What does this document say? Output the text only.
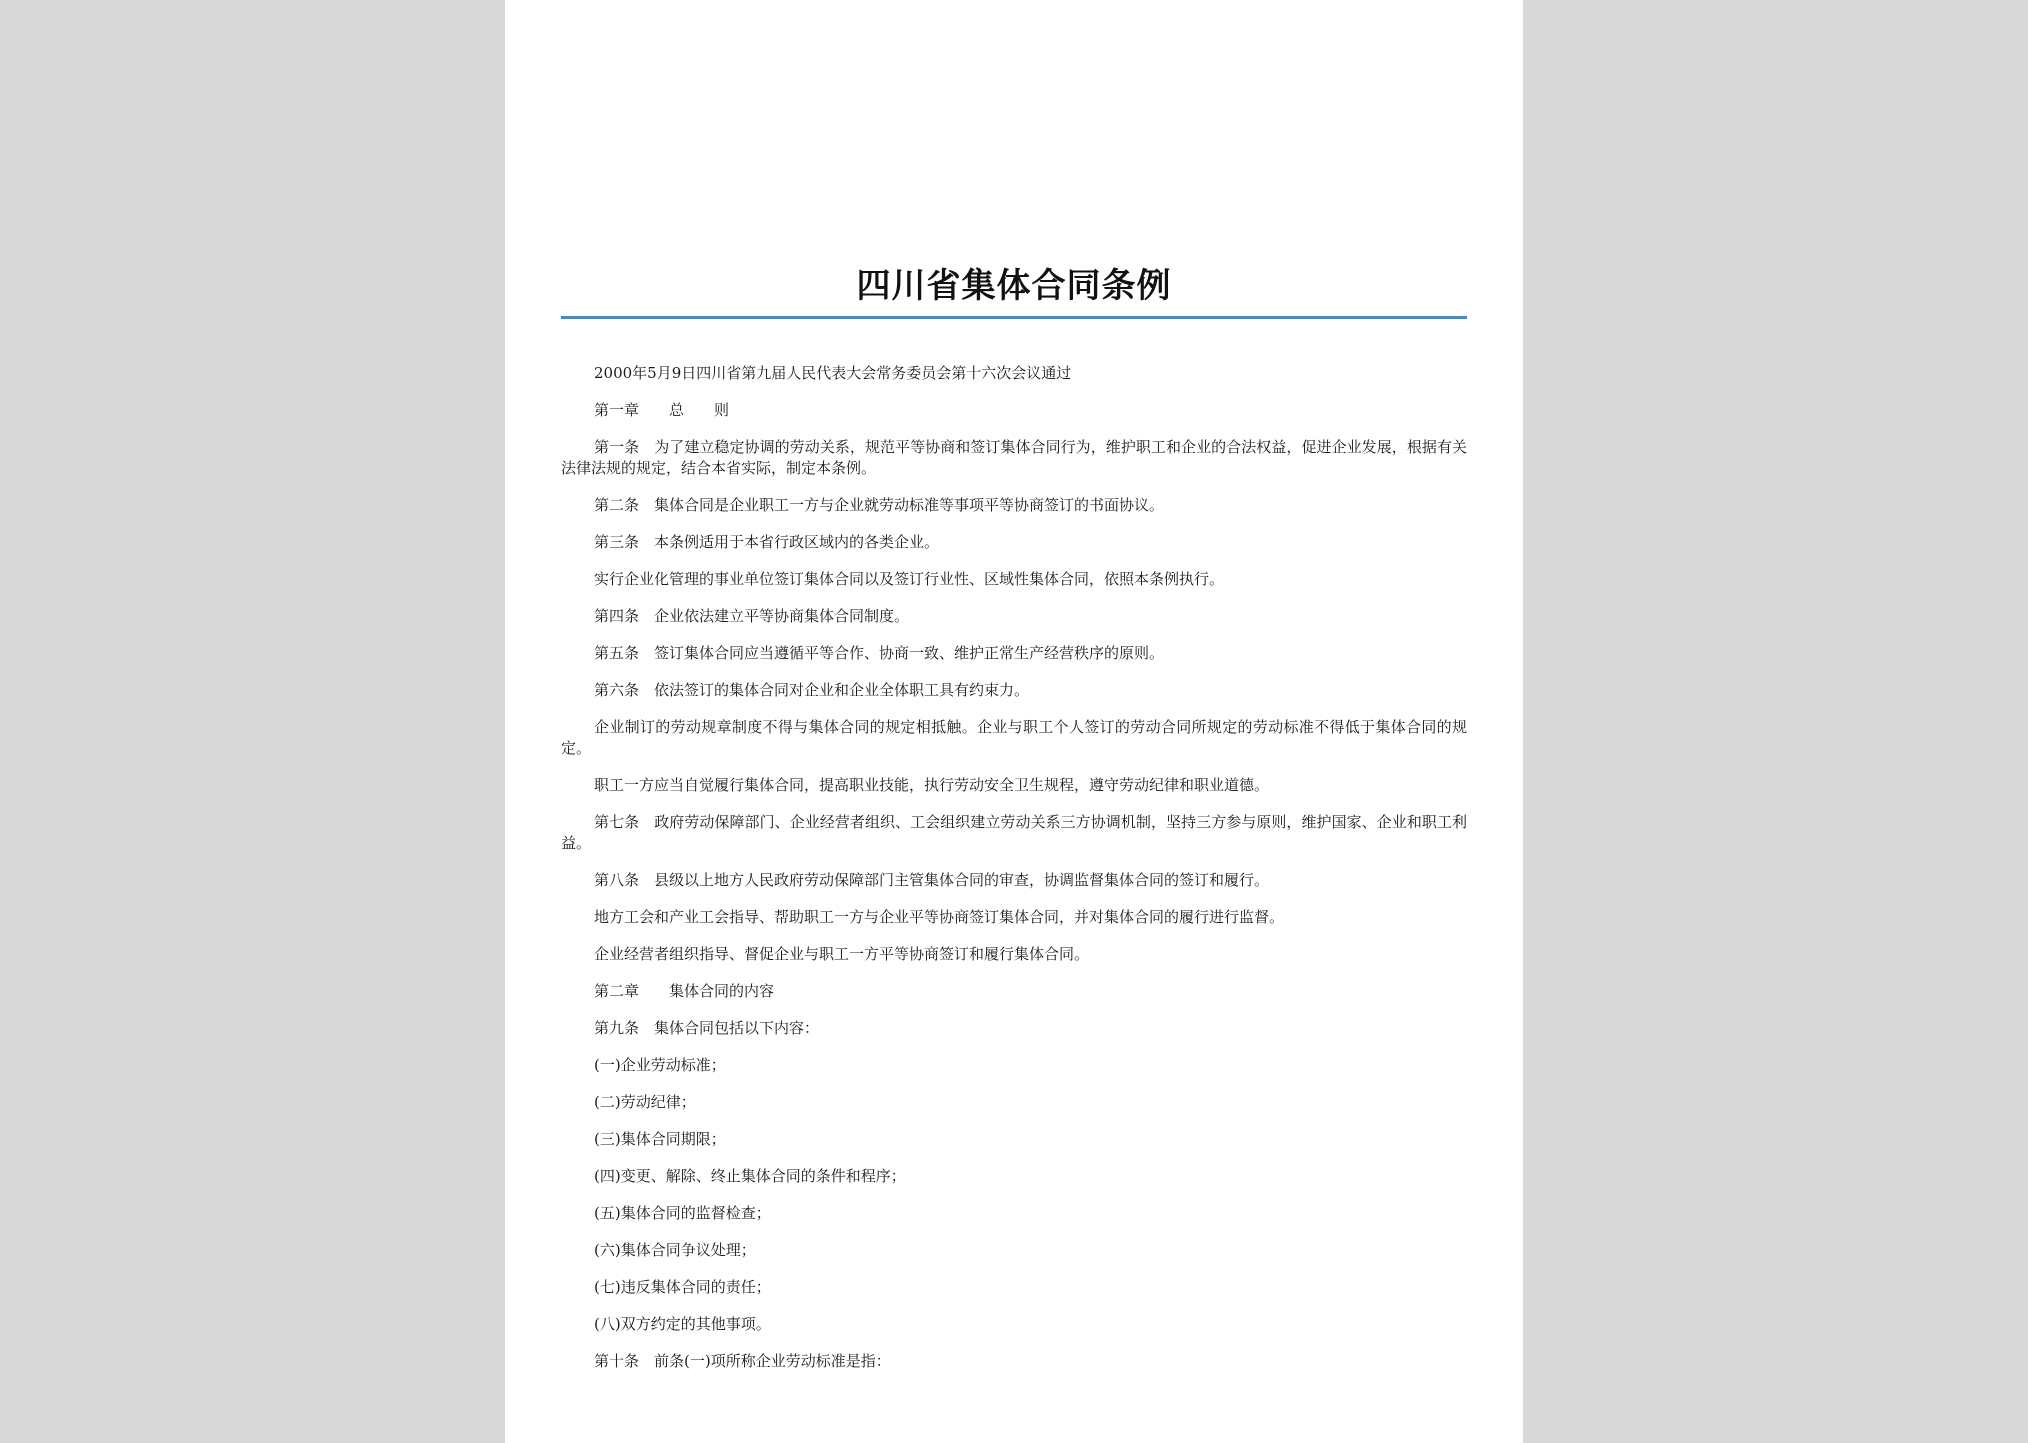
四川省集体合同条例

2000年5月9日四川省第九届人民代表大会常务委员会第十六次会议通过

第一章　　总　　则

第一条　为了建立稳定协调的劳动关系，规范平等协商和签订集体合同行为，维护职工和企业的合法权益，促进企业发展，根据有关法律法规的规定，结合本省实际，制定本条例。

第二条　集体合同是企业职工一方与企业就劳动标准等事项平等协商签订的书面协议。

第三条　本条例适用于本省行政区域内的各类企业。

实行企业化管理的事业单位签订集体合同以及签订行业性、区域性集体合同，依照本条例执行。

第四条　企业依法建立平等协商集体合同制度。

第五条　签订集体合同应当遵循平等合作、协商一致、维护正常生产经营秩序的原则。

第六条　依法签订的集体合同对企业和企业全体职工具有约束力。

企业制订的劳动规章制度不得与集体合同的规定相抵触。企业与职工个人签订的劳动合同所规定的劳动标准不得低于集体合同的规定。

职工一方应当自觉履行集体合同，提高职业技能，执行劳动安全卫生规程，遵守劳动纪律和职业道德。

第七条　政府劳动保障部门、企业经营者组织、工会组织建立劳动关系三方协调机制，坚持三方参与原则，维护国家、企业和职工利益。

第八条　县级以上地方人民政府劳动保障部门主管集体合同的审查，协调监督集体合同的签订和履行。

地方工会和产业工会指导、帮助职工一方与企业平等协商签订集体合同，并对集体合同的履行进行监督。

企业经营者组织指导、督促企业与职工一方平等协商签订和履行集体合同。

第二章　　集体合同的内容

第九条　集体合同包括以下内容：

(一)企业劳动标准；

(二)劳动纪律；

(三)集体合同期限；

(四)变更、解除、终止集体合同的条件和程序；

(五)集体合同的监督检查；

(六)集体合同争议处理；

(七)违反集体合同的责任；

(八)双方约定的其他事项。

第十条　前条(一)项所称企业劳动标准是指：
